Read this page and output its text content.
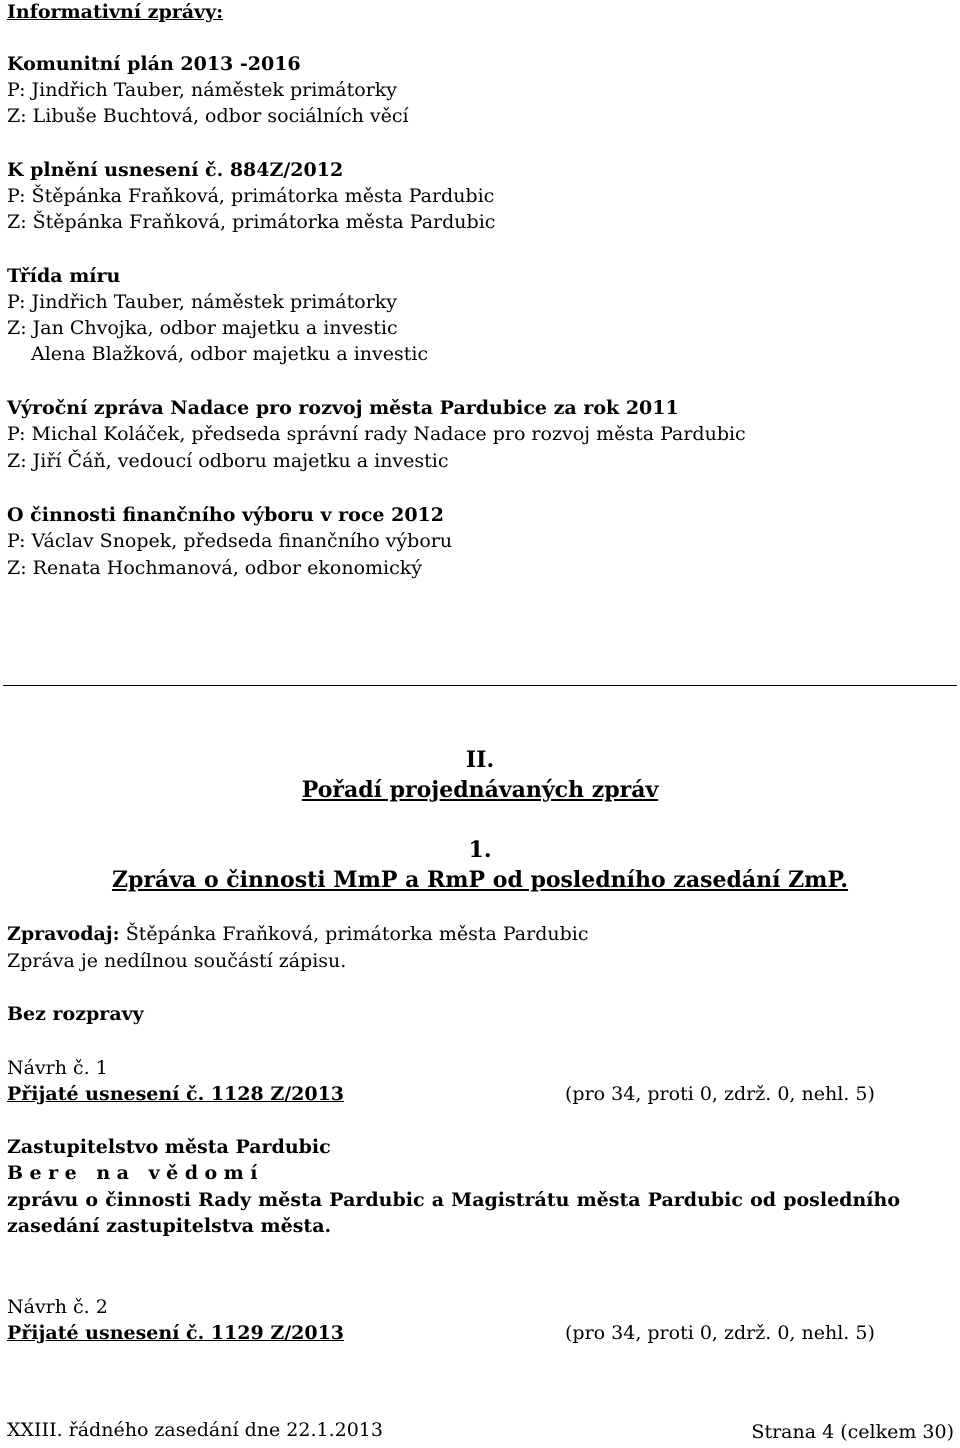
Informativní zprávy:

Komunitní plán 2013 -2016

P: Jindřich Tauber, náměstek primátorky

Z: Libuše Buchtová, odbor sociálních věcí

K plnění usnesení č. 884Z/2012

P: Štěpánka Fraňková, primátorka města Pardubic

Z: Štěpánka Fraňková, primátorka města Pardubic

Třída míru

P: Jindřich Tauber, náměstek primátorky

Z: Jan Chvojka, odbor majetku a investic

Alena Blažková, odbor majetku a investic

Výroční zpráva Nadace pro rozvoj města Pardubice za rok 2011

P: Michal Koláček, předseda správní rady Nadace pro rozvoj města Pardubic

Z: Jiří Čáň, vedoucí odboru majetku a investic

O činnosti finančního výboru v roce 2012

P: Václav Snopek, předseda finančního výboru

Z: Renata Hochmanová, odbor ekonomický

II.

Pořadí projednávaných zpráv

1.

Zpráva o činnosti MmP a RmP od posledního zasedání ZmP.

Zpravodaj: Štěpánka Fraňková, primátorka města Pardubic

Zpráva je nedílnou součástí zápisu.

Bez rozpravy

Návrh č. 1

Přijaté usnesení č. 1128 Z/2013	(pro 34, proti 0, zdrž. 0, nehl. 5)

Zastupitelstvo města Pardubic

Bere na vědomí

zprávu o činnosti Rady města Pardubic a Magistrátu města Pardubic od posledního

zasedání zastupitelstva města.

Návrh č. 2

Přijaté usnesení č. 1129 Z/2013	(pro 34, proti 0, zdrž. 0, nehl. 5)

XXIII. řádného zasedání dne 22.1.2013	Strana 4 (celkem 30)
